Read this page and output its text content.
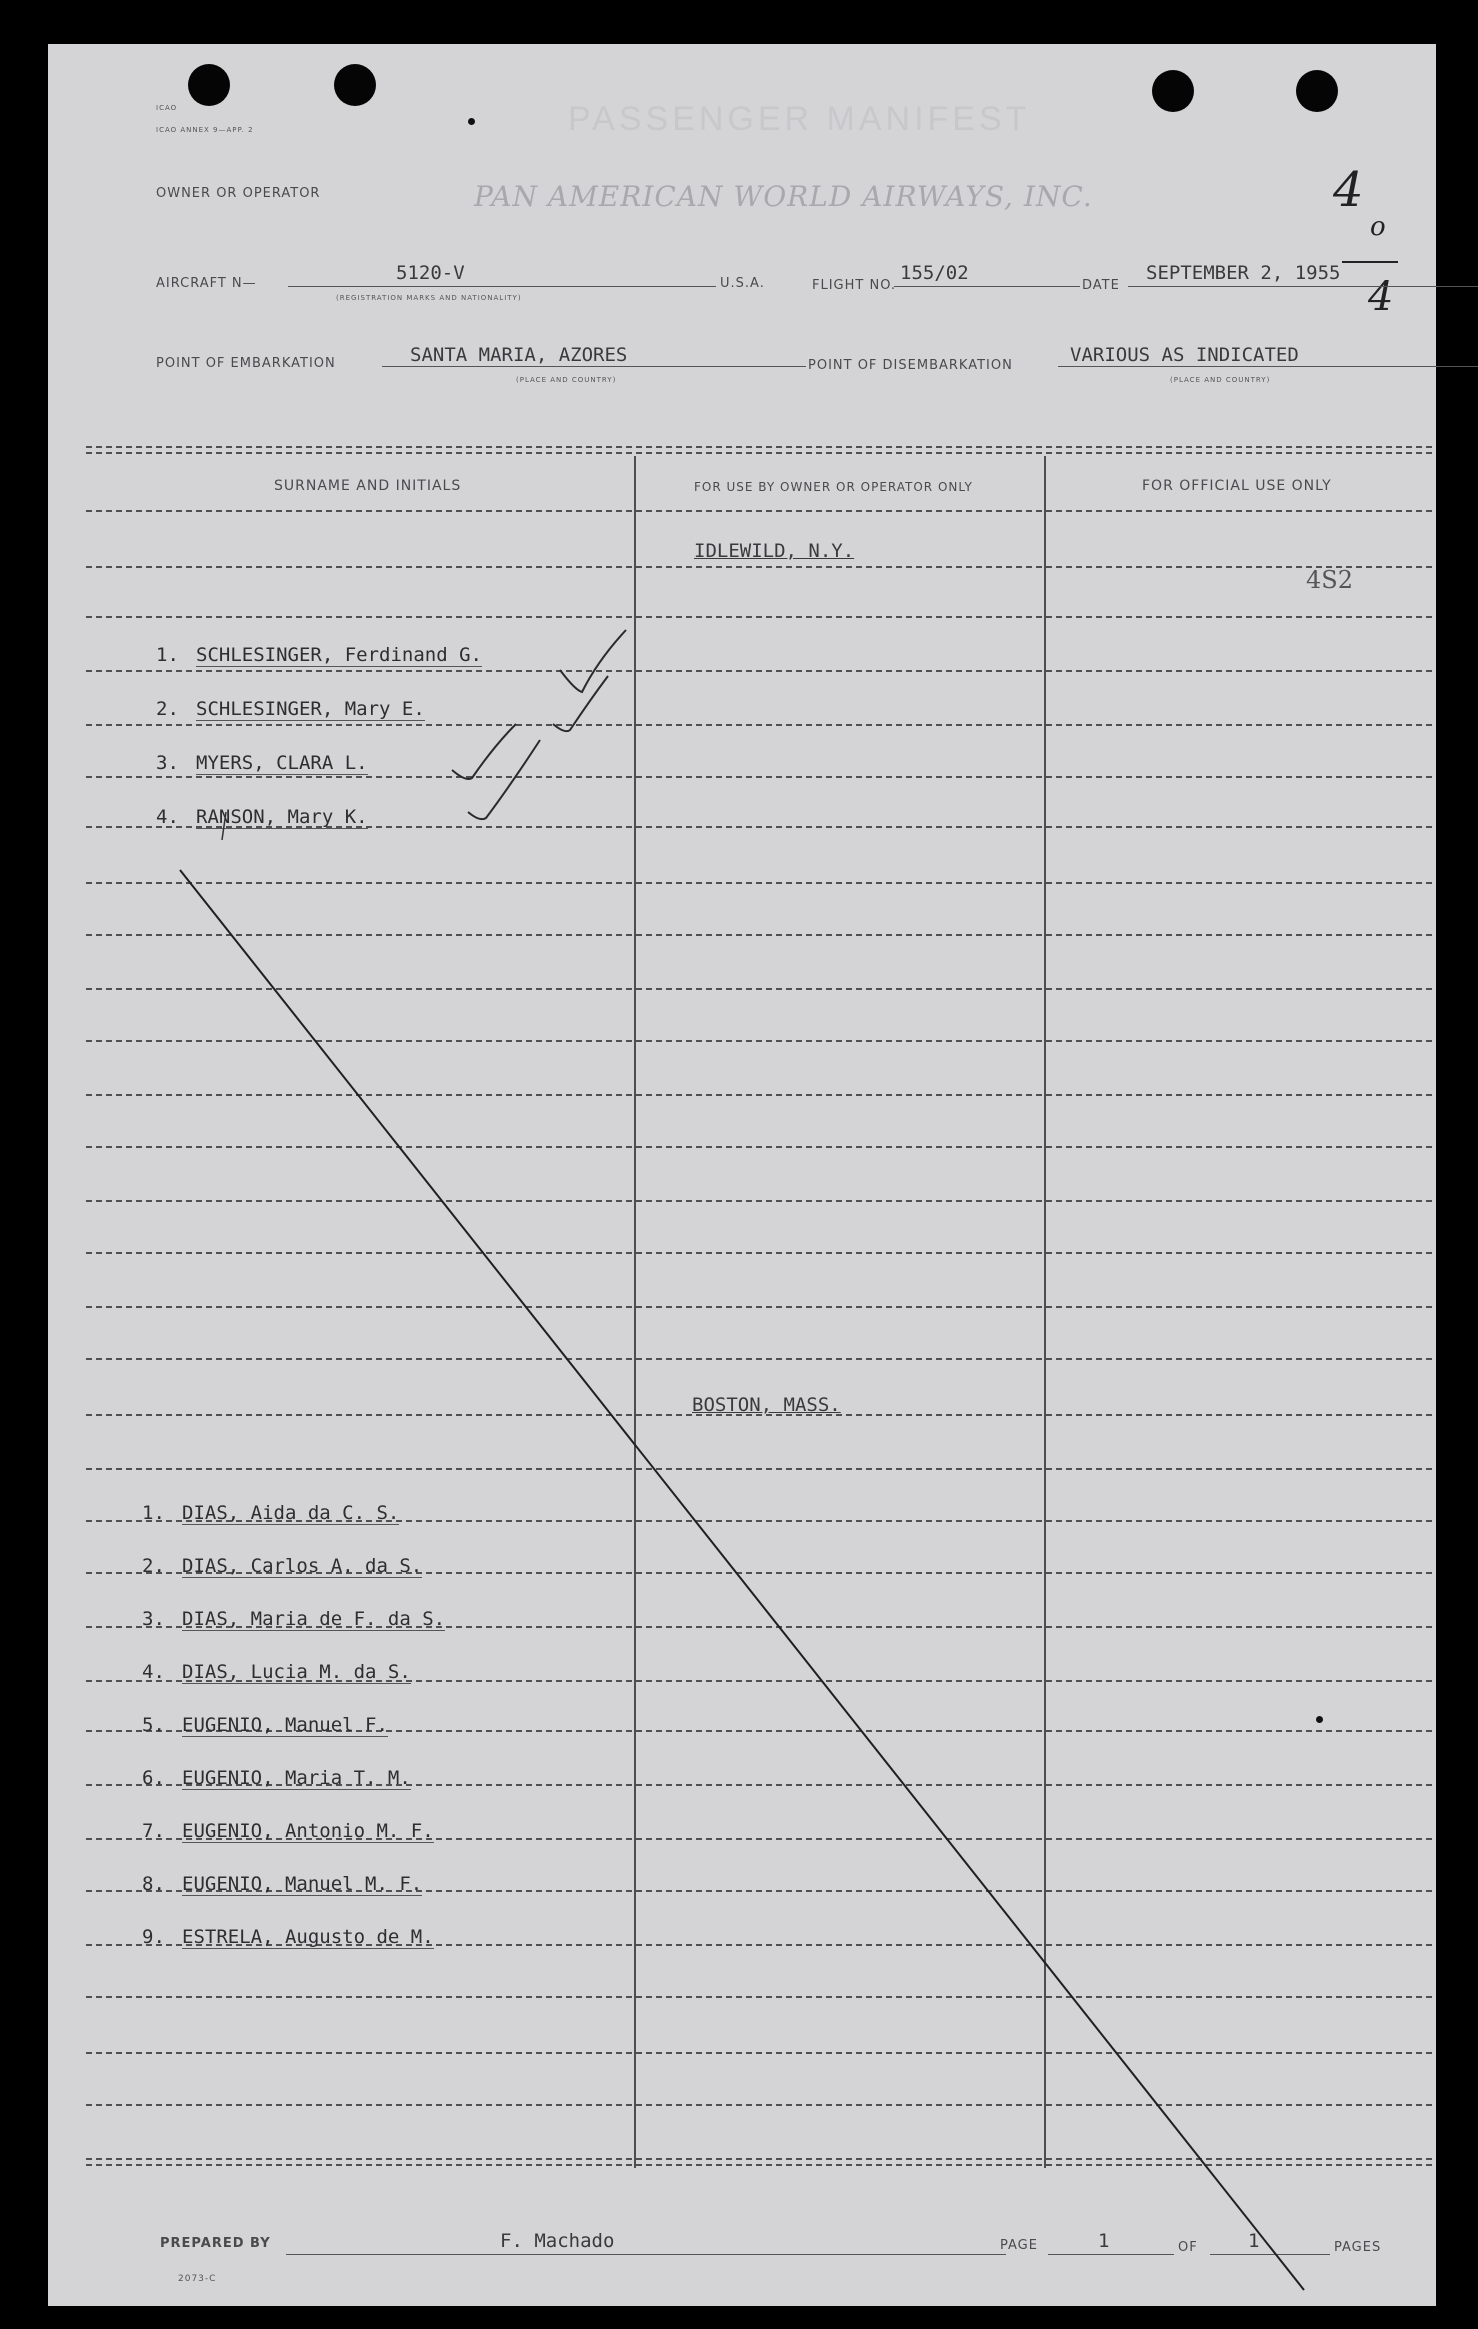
ICAO
ICAO ANNEX 9—APP. 2	PASSENGER MANIFEST
OWNER OR OPERATOR	PAN AMERICAN WORLD AIRWAYS, INC.	4
o
4
AIRCRAFT N—	5120-V
(REGISTRATION MARKS AND NATIONALITY)
U.S.A.	FLIGHT NO.
155/02
DATE
SEPTEMBER 2, 1955
POINT OF EMBARKATION	SANTA MARIA, AZORES
(PLACE AND COUNTRY)
POINT OF DISEMBARKATION	VARIOUS AS INDICATED
(PLACE AND COUNTRY)
SURNAME AND INITIALS	FOR USE BY OWNER OR OPERATOR ONLY	FOR OFFICIAL USE ONLY
IDLEWILD, N.Y.
BOSTON, MASS.
4S2
1. SCHLESINGER, Ferdinand G.
2. SCHLESINGER, Mary E.
3. MYERS, CLARA L.
4. RANSON, Mary K.
1. DIAS, Aida da C. S.
2. DIAS, Carlos A. da S.
3. DIAS, Maria de F. da S.
4. DIAS, Lucia M. da S.
5. EUGENIO, Manuel F.
6. EUGENIO, Maria T. M.
7. EUGENIO, Antonio M. F.
8. EUGENIO, Manuel M. F.
9. ESTRELA, Augusto de M.
PREPARED BY	F. Machado	PAGE	1	OF	1	PAGES
2073-C
